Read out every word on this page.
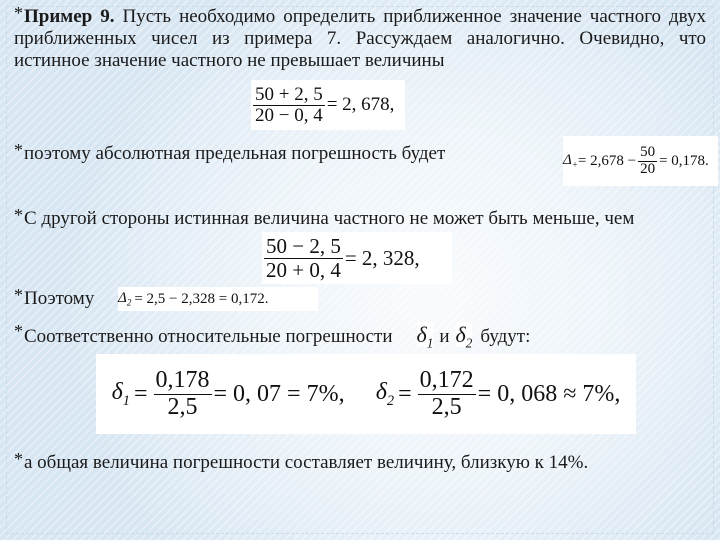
*Пример 9. Пусть необходимо определить приближенное значение частного двух приближенных чисел из примера 7. Рассуждаем аналогично. Очевидно, что истинное значение частного не превышает величины
$\frac{50 + 2, 5}{20 - 0, 4} = 2$, 678,
*поэтому абсолютная предельная погрешность будет	$\Delta_+ = 2,678 - \frac{50}{20} = 0,178$.
*С другой стороны истинная величина частного не может быть меньше, чем
$\frac{50 - 2, 5}{20 + 0, 4} = 2$, 328,
*Поэтому	$\Delta_2 = 2,5 - 2,328 = 0,172$.
*Соответственно относительные погрешности $\delta_1$ и $\delta_2$ будут:
$\delta_1 = \frac{0,178}{2,5} = 0$, 07 = 7%, $\delta_2 = \frac{0,172}{2,5} = 0$, 068 ≈ 7%,
*а общая величина погрешности составляет величину, близкую к 14%.
